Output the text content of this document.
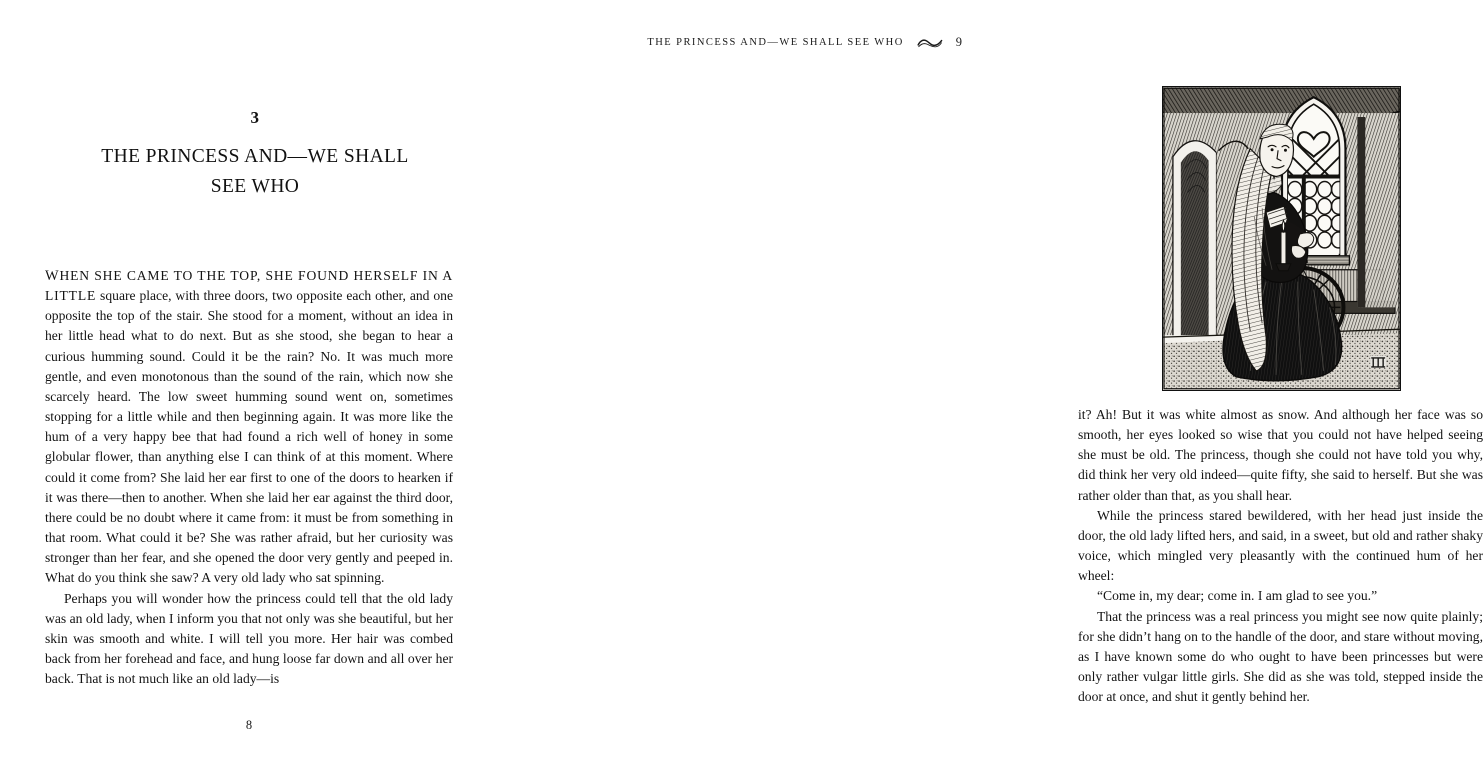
3
THE PRINCESS AND—WE SHALL
SEE WHO

WHEN SHE CAME TO THE TOP, SHE FOUND HERSELF IN A LITTLE square place, with three doors, two opposite each other, and one opposite the top of the stair. She stood for a moment, without an idea in her little head what to do next. But as she stood, she began to hear a curious humming sound. Could it be the rain? No. It was much more gentle, and even monotonous than the sound of the rain, which now she scarcely heard. The low sweet humming sound went on, sometimes stopping for a little while and then beginning again. It was more like the hum of a very happy bee that had found a rich well of honey in some globular flower, than anything else I can think of at this moment. Where could it come from? She laid her ear first to one of the doors to hearken if it was there—then to another. When she laid her ear against the third door, there could be no doubt where it came from: it must be from something in that room. What could it be? She was rather afraid, but her curiosity was stronger than her fear, and she opened the door very gently and peeped in. What do you think she saw? A very old lady who sat spinning.

Perhaps you will wonder how the princess could tell that the old lady was an old lady, when I inform you that not only was she beautiful, but her skin was smooth and white. I will tell you more. Her hair was combed back from her forehead and face, and hung loose far down and all over her back. That is not much like an old lady—is

8
THE PRINCESS AND—WE SHALL SEE WHO	9

it? Ah! But it was white almost as snow. And although her face was so smooth, her eyes looked so wise that you could not have helped seeing she must be old. The princess, though she could not have told you why, did think her very old indeed—quite fifty, she said to herself. But she was rather older than that, as you shall hear.

While the princess stared bewildered, with her head just inside the door, the old lady lifted hers, and said, in a sweet, but old and rather shaky voice, which mingled very pleasantly with the continued hum of her wheel:

“Come in, my dear; come in. I am glad to see you.”

That the princess was a real princess you might see now quite plainly; for she didn’t hang on to the handle of the door, and stare without moving, as I have known some do who ought to have been princesses but were only rather vulgar little girls. She did as she was told, stepped inside the door at once, and shut it gently behind her.
